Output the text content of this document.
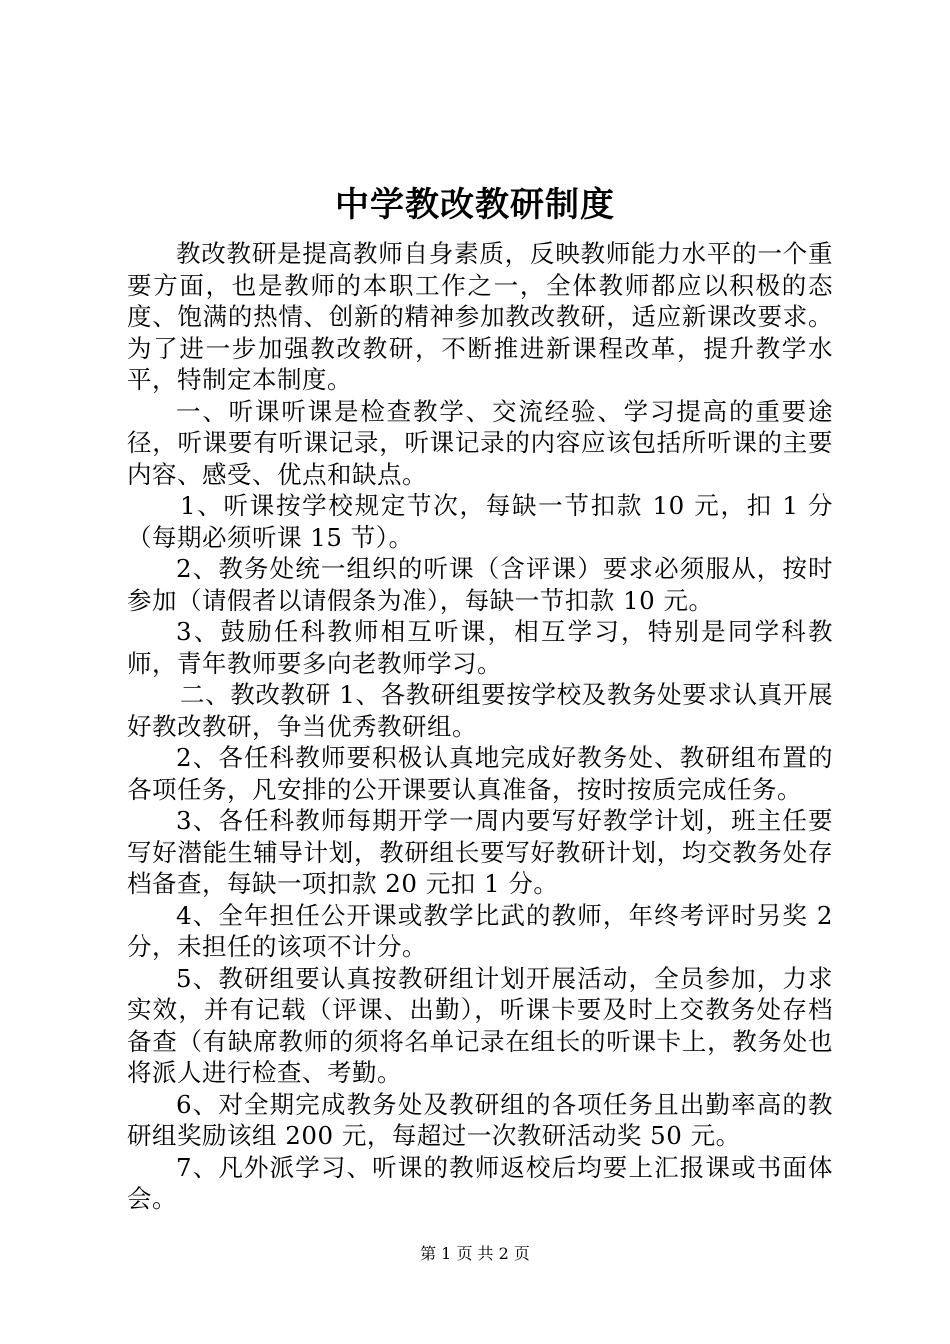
中学教改教研制度

教改教研是提高教师自身素质，反映教师能力水平的一个重要方面，也是教师的本职工作之一，全体教师都应以积极的态度、饱满的热情、创新的精神参加教改教研，适应新课改要求。为了进一步加强教改教研，不断推进新课程改革，提升教学水平，特制定本制度。

一、听课听课是检查教学、交流经验、学习提高的重要途径，听课要有听课记录，听课记录的内容应该包括所听课的主要内容、感受、优点和缺点。

1、听课按学校规定节次，每缺一节扣款 10 元，扣 1 分（每期必须听课 15 节）。

2、教务处统一组织的听课（含评课）要求必须服从，按时参加（请假者以请假条为准），每缺一节扣款 10 元。

3、鼓励任科教师相互听课，相互学习，特别是同学科教师，青年教师要多向老教师学习。

二、教改教研 1、各教研组要按学校及教务处要求认真开展好教改教研，争当优秀教研组。

2、各任科教师要积极认真地完成好教务处、教研组布置的各项任务，凡安排的公开课要认真准备，按时按质完成任务。

3、各任科教师每期开学一周内要写好教学计划，班主任要写好潜能生辅导计划，教研组长要写好教研计划，均交教务处存档备查，每缺一项扣款 20 元扣 1 分。

4、全年担任公开课或教学比武的教师，年终考评时另奖 2 分，未担任的该项不计分。

5、教研组要认真按教研组计划开展活动，全员参加，力求实效，并有记载（评课、出勤），听课卡要及时上交教务处存档备查（有缺席教师的须将名单记录在组长的听课卡上，教务处也将派人进行检查、考勤。

6、对全期完成教务处及教研组的各项任务且出勤率高的教研组奖励该组 200 元，每超过一次教研活动奖 50 元。

7、凡外派学习、听课的教师返校后均要上汇报课或书面体会。

第 1 页 共 2 页
